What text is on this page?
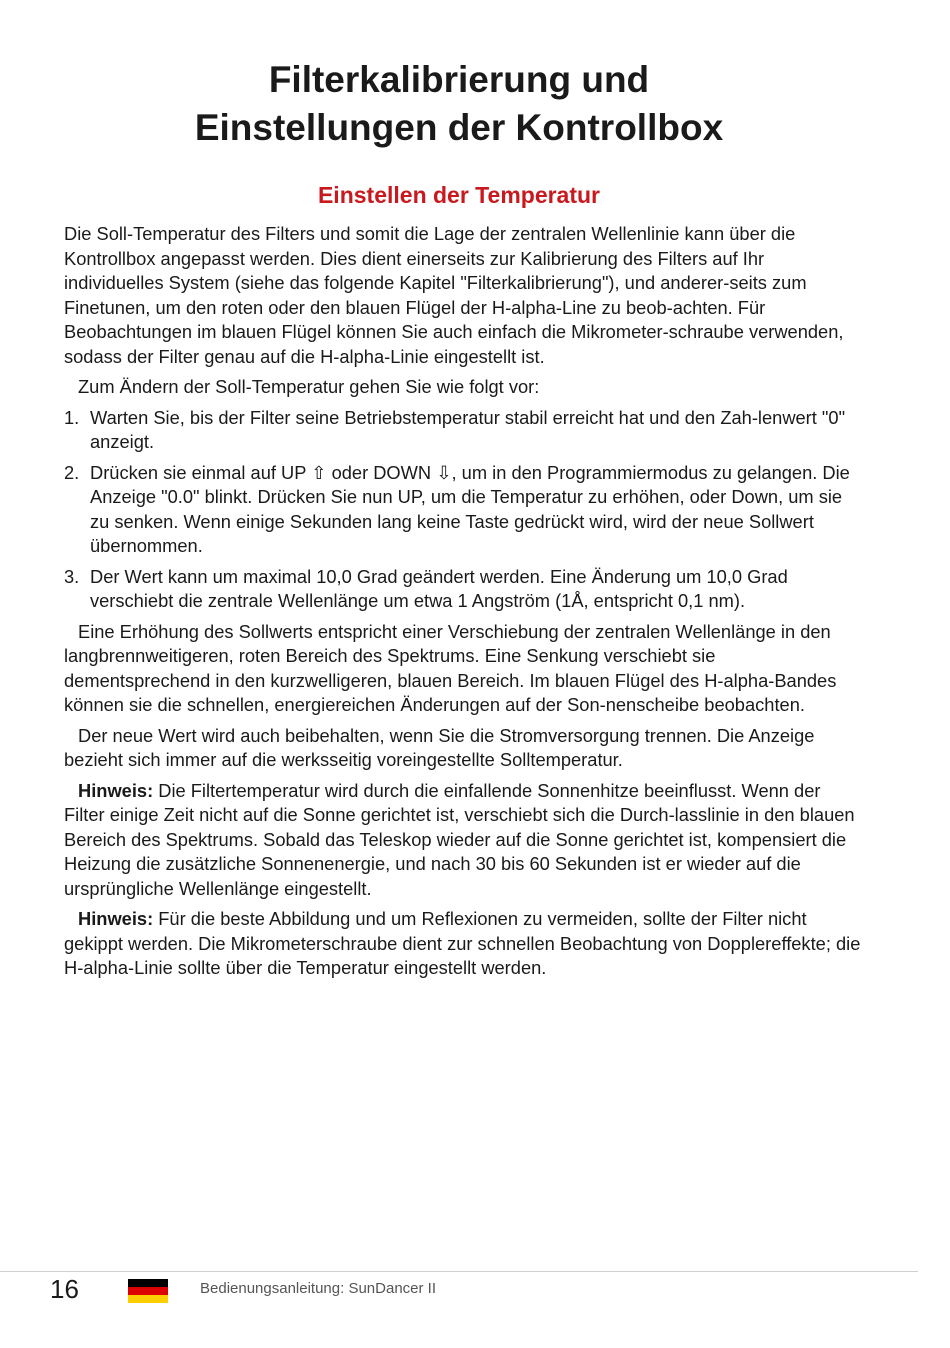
Filterkalibrierung und
Einstellungen der Kontrollbox
Einstellen der Temperatur

Die Soll-Temperatur des Filters und somit die Lage der zentralen Wellenlinie kann über die Kontrollbox angepasst werden. Dies dient einerseits zur Kalibrierung des Filters auf Ihr individuelles System (siehe das folgende Kapitel "Filterkalibrierung"), und anderer-seits zum Finetunen, um den roten oder den blauen Flügel der H-alpha-Line zu beob-achten. Für Beobachtungen im blauen Flügel können Sie auch einfach die Mikrometer-schraube verwenden, sodass der Filter genau auf die H-alpha-Linie eingestellt ist.

Zum Ändern der Soll-Temperatur gehen Sie wie folgt vor:

1. Warten Sie, bis der Filter seine Betriebstemperatur stabil erreicht hat und den Zah-lenwert "0" anzeigt.
2. Drücken sie einmal auf UP ⇧ oder DOWN ⇩, um in den Programmiermodus zu gelangen. Die Anzeige "0.0" blinkt. Drücken Sie nun UP, um die Temperatur zu erhöhen, oder Down, um sie zu senken. Wenn einige Sekunden lang keine Taste gedrückt wird, wird der neue Sollwert übernommen.
3. Der Wert kann um maximal 10,0 Grad geändert werden. Eine Änderung um 10,0 Grad verschiebt die zentrale Wellenlänge um etwa 1 Angström (1Å, entspricht 0,1 nm).

Eine Erhöhung des Sollwerts entspricht einer Verschiebung der zentralen Wellenlänge in den langbrennweitigeren, roten Bereich des Spektrums. Eine Senkung verschiebt sie dementsprechend in den kurzwelligeren, blauen Bereich. Im blauen Flügel des H-alpha-Bandes können sie die schnellen, energiereichen Änderungen auf der Son-nenscheibe beobachten.

Der neue Wert wird auch beibehalten, wenn Sie die Stromversorgung trennen. Die Anzeige bezieht sich immer auf die werksseitig voreingestellte Solltemperatur.

Hinweis: Die Filtertemperatur wird durch die einfallende Sonnenhitze beeinflusst. Wenn der Filter einige Zeit nicht auf die Sonne gerichtet ist, verschiebt sich die Durch-lasslinie in den blauen Bereich des Spektrums. Sobald das Teleskop wieder auf die Sonne gerichtet ist, kompensiert die Heizung die zusätzliche Sonnenenergie, und nach 30 bis 60 Sekunden ist er wieder auf die ursprüngliche Wellenlänge eingestellt.

Hinweis: Für die beste Abbildung und um Reflexionen zu vermeiden, sollte der Filter nicht gekippt werden. Die Mikrometerschraube dient zur schnellen Beobachtung von Dopplereffekte; die H-alpha-Linie sollte über die Temperatur eingestellt werden.

16	Bedienungsanleitung: SunDancer II
